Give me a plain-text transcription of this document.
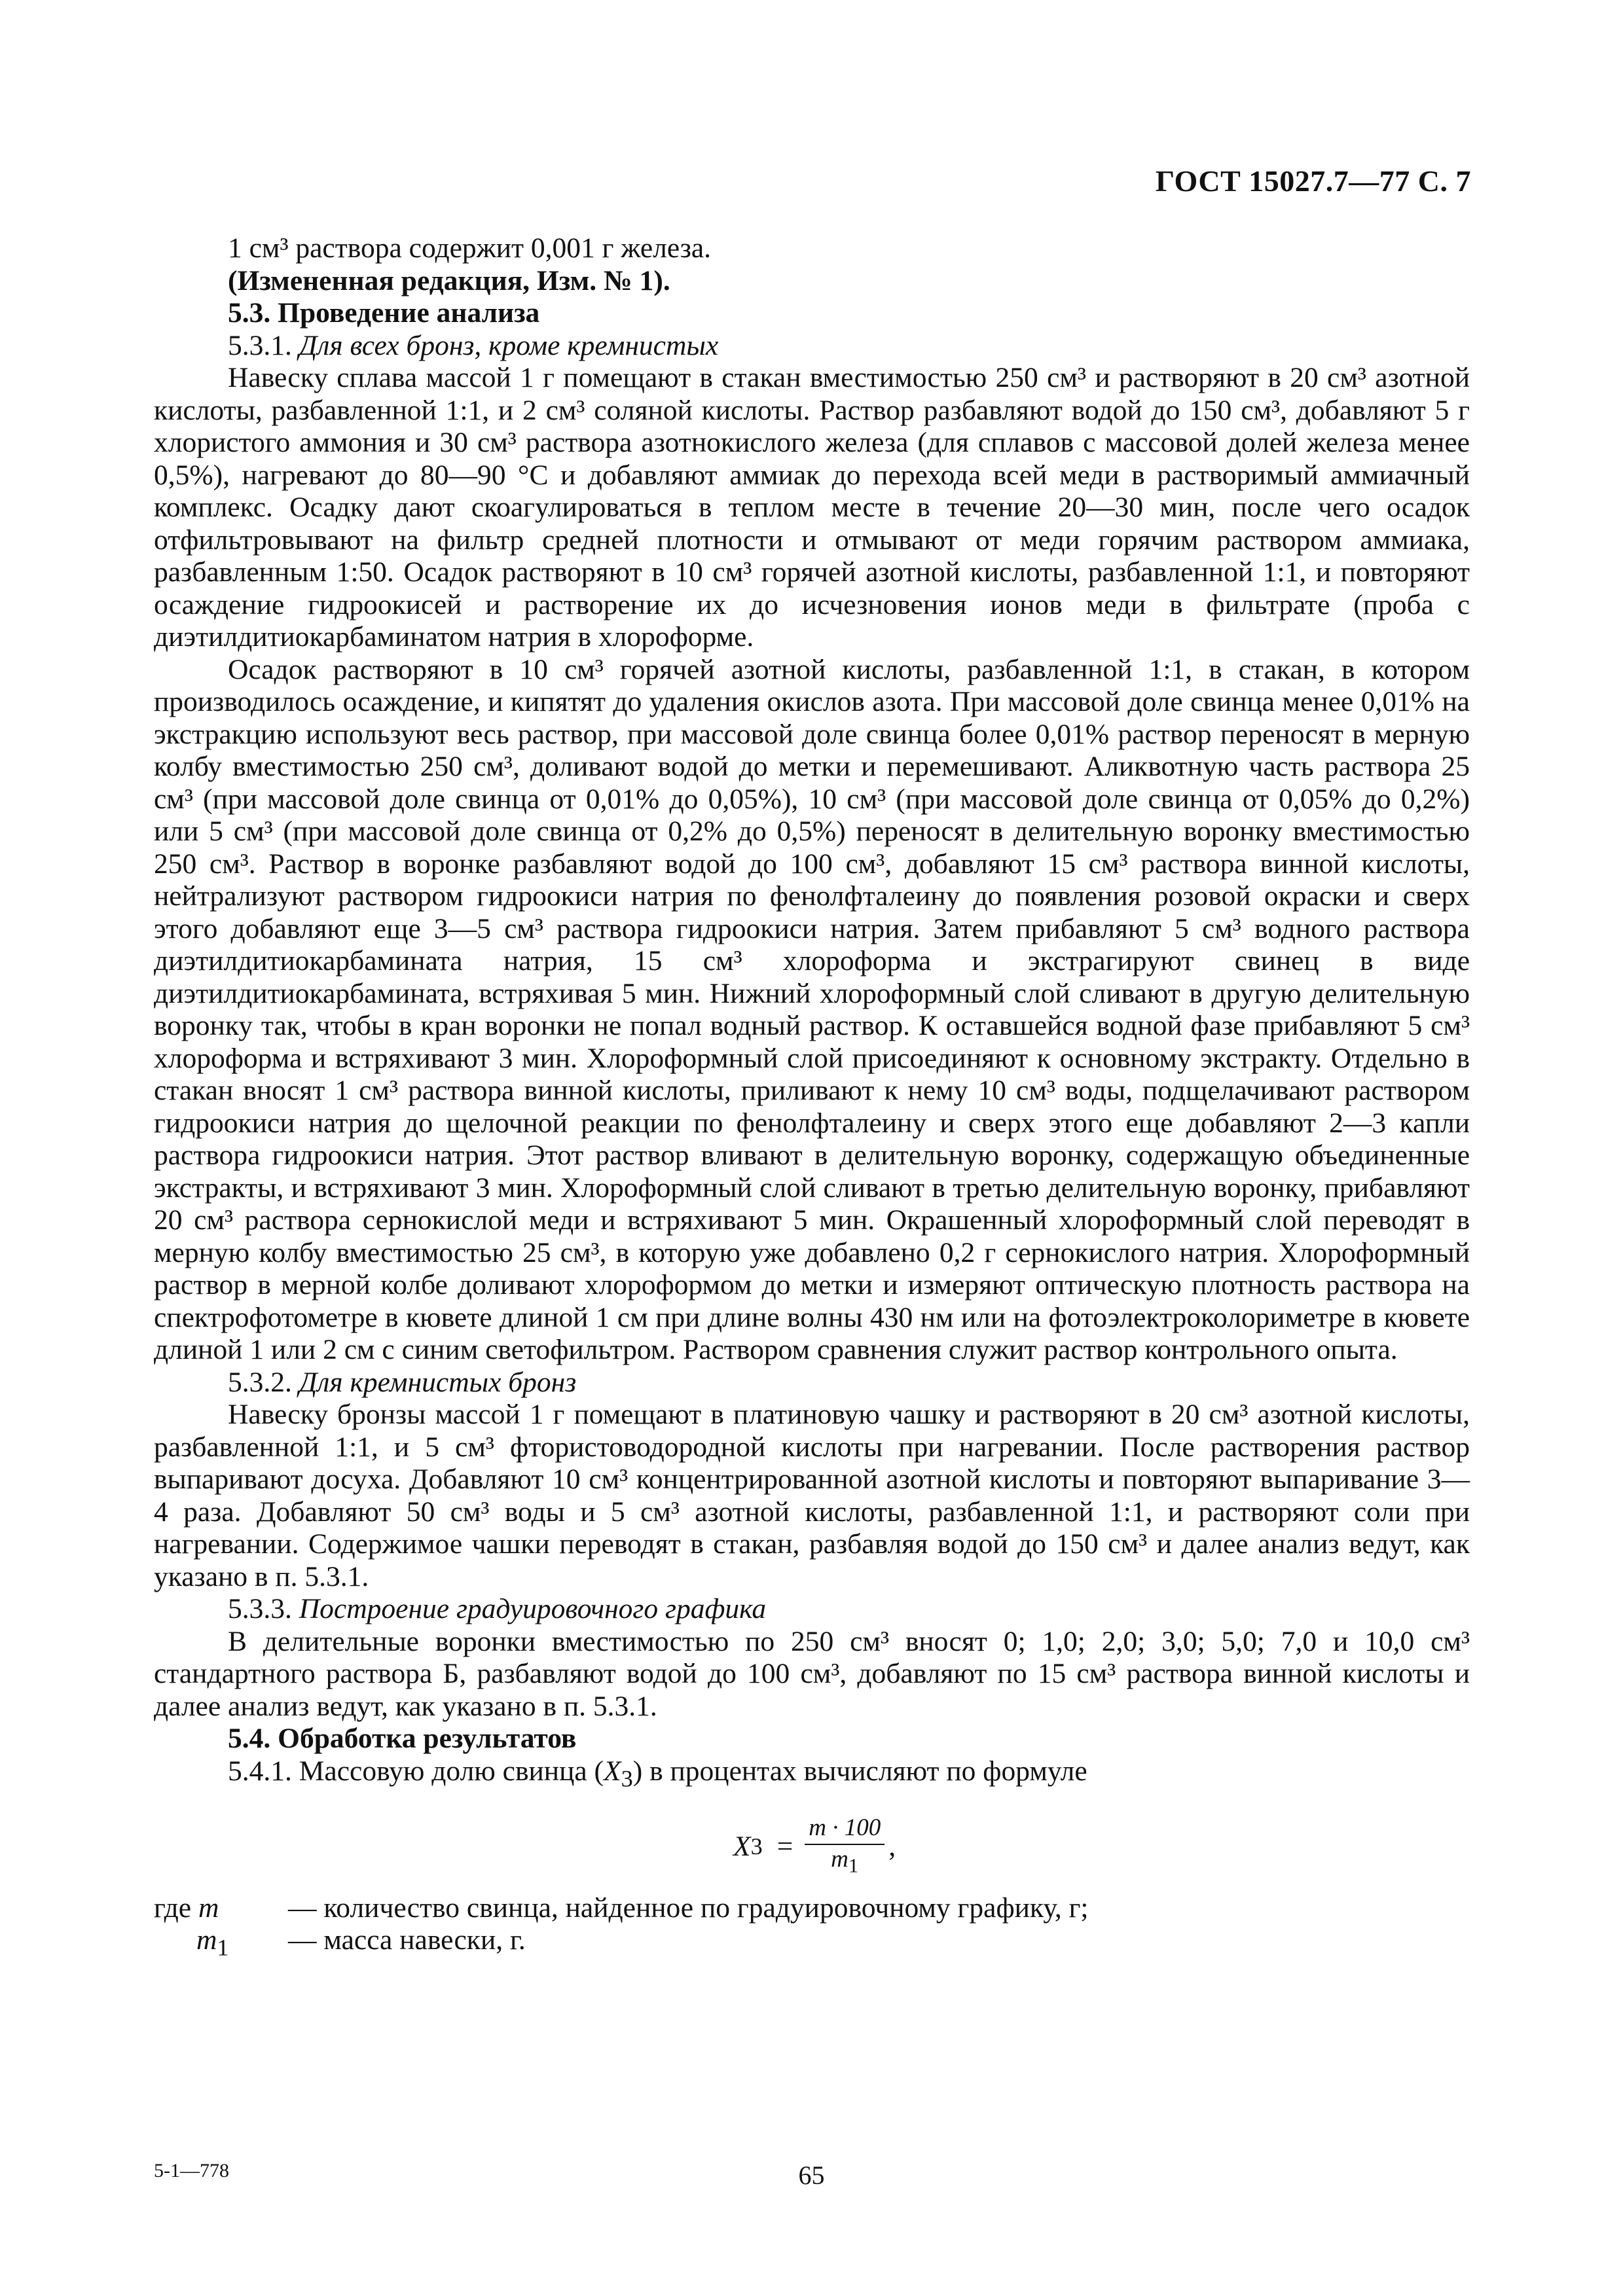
ГОСТ 15027.7—77 С. 7

1 см³ раствора содержит 0,001 г железа.

(Измененная редакция, Изм. № 1).

5.3. Проведение анализа

5.3.1. Для всех бронз, кроме кремнистых

Навеску сплава массой 1 г помещают в стакан вместимостью 250 см³ и растворяют в 20 см³ азотной кислоты, разбавленной 1:1, и 2 см³ соляной кислоты. Раствор разбавляют водой до 150 см³, добавляют 5 г хлористого аммония и 30 см³ раствора азотнокислого железа (для сплавов с массовой долей железа менее 0,5%), нагревают до 80—90 °С и добавляют аммиак до перехода всей меди в растворимый аммиачный комплекс. Осадку дают скоагулироваться в теплом месте в течение 20—30 мин, после чего осадок отфильтровывают на фильтр средней плотности и отмывают от меди горячим раствором аммиака, разбавленным 1:50. Осадок растворяют в 10 см³ горячей азотной кислоты, разбавленной 1:1, и повторяют осаждение гидроокисей и растворение их до исчезновения ионов меди в фильтрате (проба с диэтилдитиокарбаминатом натрия в хлороформе.

Осадок растворяют в 10 см³ горячей азотной кислоты, разбавленной 1:1, в стакан, в котором производилось осаждение, и кипятят до удаления окислов азота. При массовой доле свинца менее 0,01% на экстракцию используют весь раствор, при массовой доле свинца более 0,01% раствор переносят в мерную колбу вместимостью 250 см³, доливают водой до метки и перемешивают. Аликвотную часть раствора 25 см³ (при массовой доле свинца от 0,01% до 0,05%), 10 см³ (при массовой доле свинца от 0,05% до 0,2%) или 5 см³ (при массовой доле свинца от 0,2% до 0,5%) переносят в делительную воронку вместимостью 250 см³. Раствор в воронке разбавляют водой до 100 см³, добавляют 15 см³ раствора винной кислоты, нейтрализуют раствором гидроокиси натрия по фенолфталеину до появления розовой окраски и сверх этого добавляют еще 3—5 см³ раствора гидроокиси натрия. Затем прибавляют 5 см³ водного раствора диэтилдитиокарбамината натрия, 15 см³ хлороформа и экстрагируют свинец в виде диэтилдитиокарбамината, встряхивая 5 мин. Нижний хлороформный слой сливают в другую делительную воронку так, чтобы в кран воронки не попал водный раствор. К оставшейся водной фазе прибавляют 5 см³ хлороформа и встряхивают 3 мин. Хлороформный слой присоединяют к основному экстракту. Отдельно в стакан вносят 1 см³ раствора винной кислоты, приливают к нему 10 см³ воды, подщелачивают раствором гидроокиси натрия до щелочной реакции по фенолфталеину и сверх этого еще добавляют 2—3 капли раствора гидроокиси натрия. Этот раствор вливают в делительную воронку, содержащую объединенные экстракты, и встряхивают 3 мин. Хлороформный слой сливают в третью делительную воронку, прибавляют 20 см³ раствора сернокислой меди и встряхивают 5 мин. Окрашенный хлороформный слой переводят в мерную колбу вместимостью 25 см³, в которую уже добавлено 0,2 г сернокислого натрия. Хлороформный раствор в мерной колбе доливают хлороформом до метки и измеряют оптическую плотность раствора на спектрофотометре в кювете длиной 1 см при длине волны 430 нм или на фотоэлектроколориметре в кювете длиной 1 или 2 см с синим светофильтром. Раствором сравнения служит раствор контрольного опыта.

5.3.2. Для кремнистых бронз

Навеску бронзы массой 1 г помещают в платиновую чашку и растворяют в 20 см³ азотной кислоты, разбавленной 1:1, и 5 см³ фтористоводородной кислоты при нагревании. После растворения раствор выпаривают досуха. Добавляют 10 см³ концентрированной азотной кислоты и повторяют выпаривание 3—4 раза. Добавляют 50 см³ воды и 5 см³ азотной кислоты, разбавленной 1:1, и растворяют соли при нагревании. Содержимое чашки переводят в стакан, разбавляя водой до 150 см³ и далее анализ ведут, как указано в п. 5.3.1.

5.3.3. Построение градуировочного графика

В делительные воронки вместимостью по 250 см³ вносят 0; 1,0; 2,0; 3,0; 5,0; 7,0 и 10,0 см³ стандартного раствора Б, разбавляют водой до 100 см³, добавляют по 15 см³ раствора винной кислоты и далее анализ ведут, как указано в п. 5.3.1.

5.4. Обработка результатов

5.4.1. Массовую долю свинца $(X_3)$ в процентах вычисляют по формуле

X $3 = \frac{m \cdot 100}{m_1}$ ,
где m	— количество свинца, найденное по градуировочному графику, г;
$m_1$	— масса навески, г.
5-1—778	65
